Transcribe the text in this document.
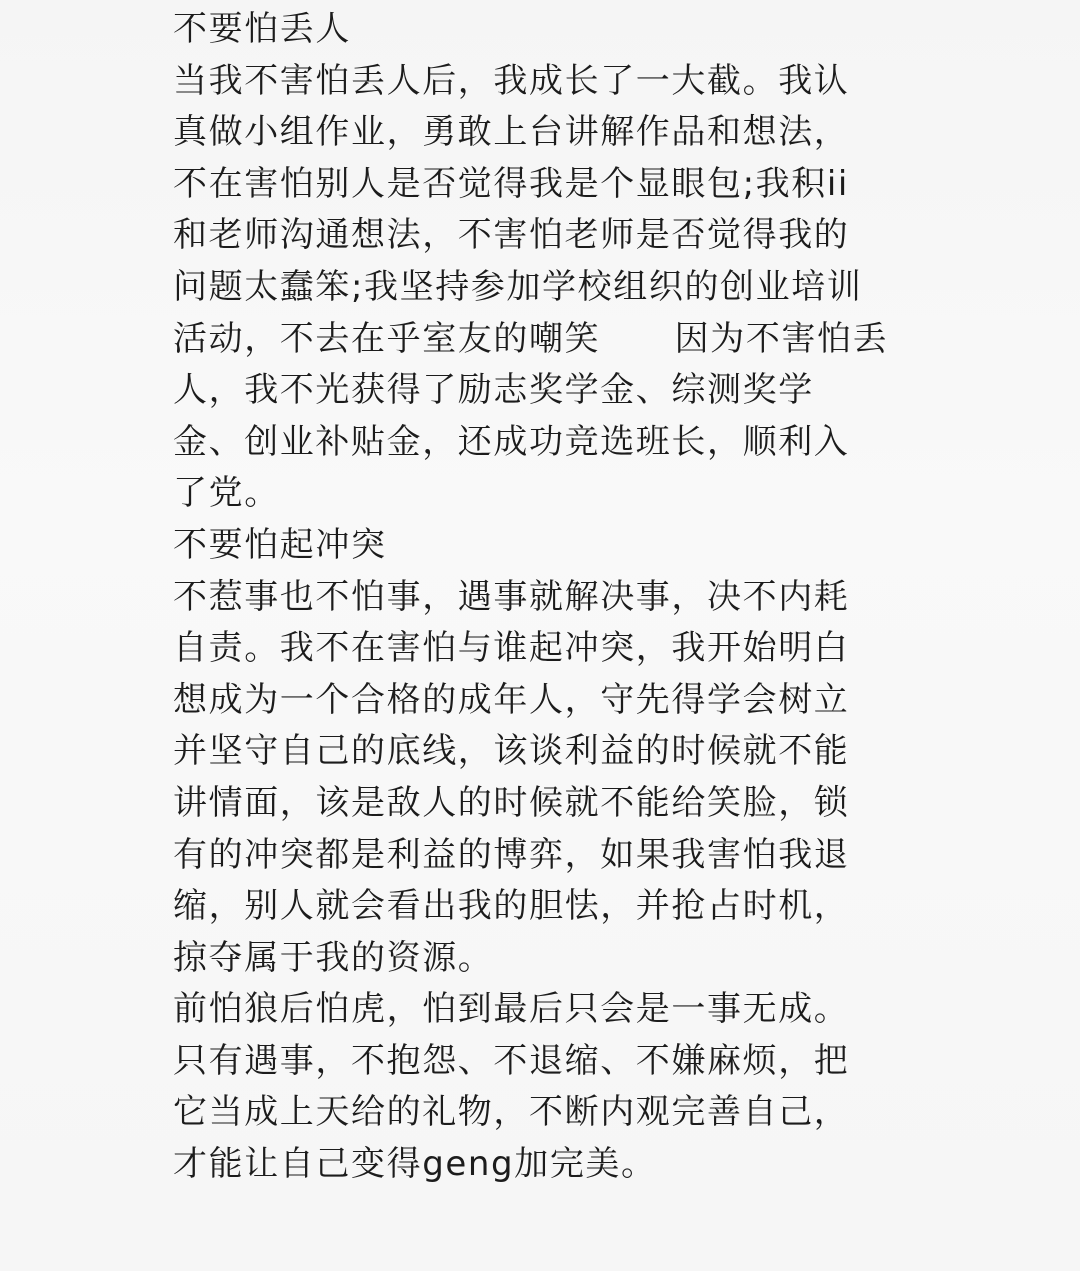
不要怕丢人
当我不害怕丢人后，我成长了一大截。我认
真做小组作业，勇敢上台讲解作品和想法，
不在害怕别人是否觉得我是个显眼包;我积ii
和老师沟通想法，不害怕老师是否觉得我的
问题太蠢笨;我坚持参加学校组织的创业培训
活动，不去在乎室友的嘲笑      因为不害怕丢
人，我不光获得了励志奖学金、综测奖学
金、创业补贴金，还成功竞选班长，顺利入
了党。
不要怕起冲突
不惹事也不怕事，遇事就解决事，决不内耗
自责。我不在害怕与谁起冲突，我开始明白
想成为一个合格的成年人，守先得学会树立
并坚守自己的底线，该谈利益的时候就不能
讲情面，该是敌人的时候就不能给笑脸，锁
有的冲突都是利益的博弈，如果我害怕我退
缩，别人就会看出我的胆怯，并抢占时机，
掠夺属于我的资源。
前怕狼后怕虎，怕到最后只会是一事无成。
只有遇事，不抱怨、不退缩、不嫌麻烦，把
它当成上天给的礼物，不断内观完善自己，
才能让自己变得geng加完美。
